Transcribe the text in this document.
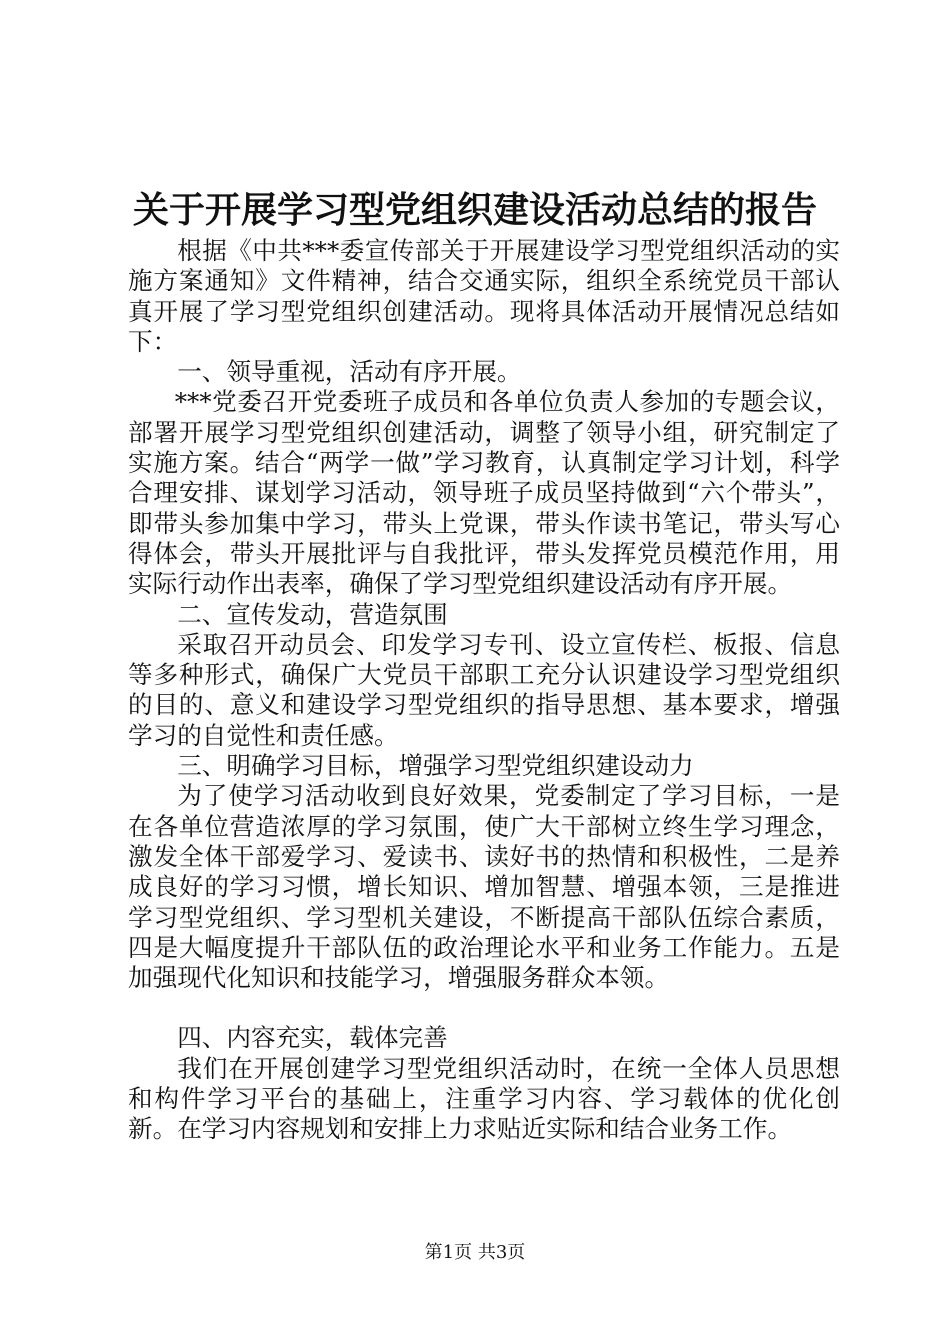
关于开展学习型党组织建设活动总结的报告

根据《中共***委宣传部关于开展建设学习型党组织活动的实施方案通知》文件精神，结合交通实际，组织全系统党员干部认真开展了学习型党组织创建活动。现将具体活动开展情况总结如下：

一、领导重视，活动有序开展。

***党委召开党委班子成员和各单位负责人参加的专题会议，部署开展学习型党组织创建活动，调整了领导小组，研究制定了实施方案。结合“两学一做”学习教育，认真制定学习计划，科学合理安排、谋划学习活动，领导班子成员坚持做到“六个带头”，即带头参加集中学习，带头上党课，带头作读书笔记，带头写心得体会，带头开展批评与自我批评，带头发挥党员模范作用，用实际行动作出表率，确保了学习型党组织建设活动有序开展。

二、宣传发动，营造氛围

采取召开动员会、印发学习专刊、设立宣传栏、板报、信息等多种形式，确保广大党员干部职工充分认识建设学习型党组织的目的、意义和建设学习型党组织的指导思想、基本要求，增强学习的自觉性和责任感。

三、明确学习目标，增强学习型党组织建设动力

为了使学习活动收到良好效果，党委制定了学习目标，一是在各单位营造浓厚的学习氛围，使广大干部树立终生学习理念，激发全体干部爱学习、爱读书、读好书的热情和积极性，二是养成良好的学习习惯，增长知识、增加智慧、增强本领，三是推进学习型党组织、学习型机关建设，不断提高干部队伍综合素质，四是大幅度提升干部队伍的政治理论水平和业务工作能力。五是加强现代化知识和技能学习，增强服务群众本领。

四、内容充实，载体完善

我们在开展创建学习型党组织活动时，在统一全体人员思想和构件学习平台的基础上，注重学习内容、学习载体的优化创新。在学习内容规划和安排上力求贴近实际和结合业务工作。

第1页 共3页
